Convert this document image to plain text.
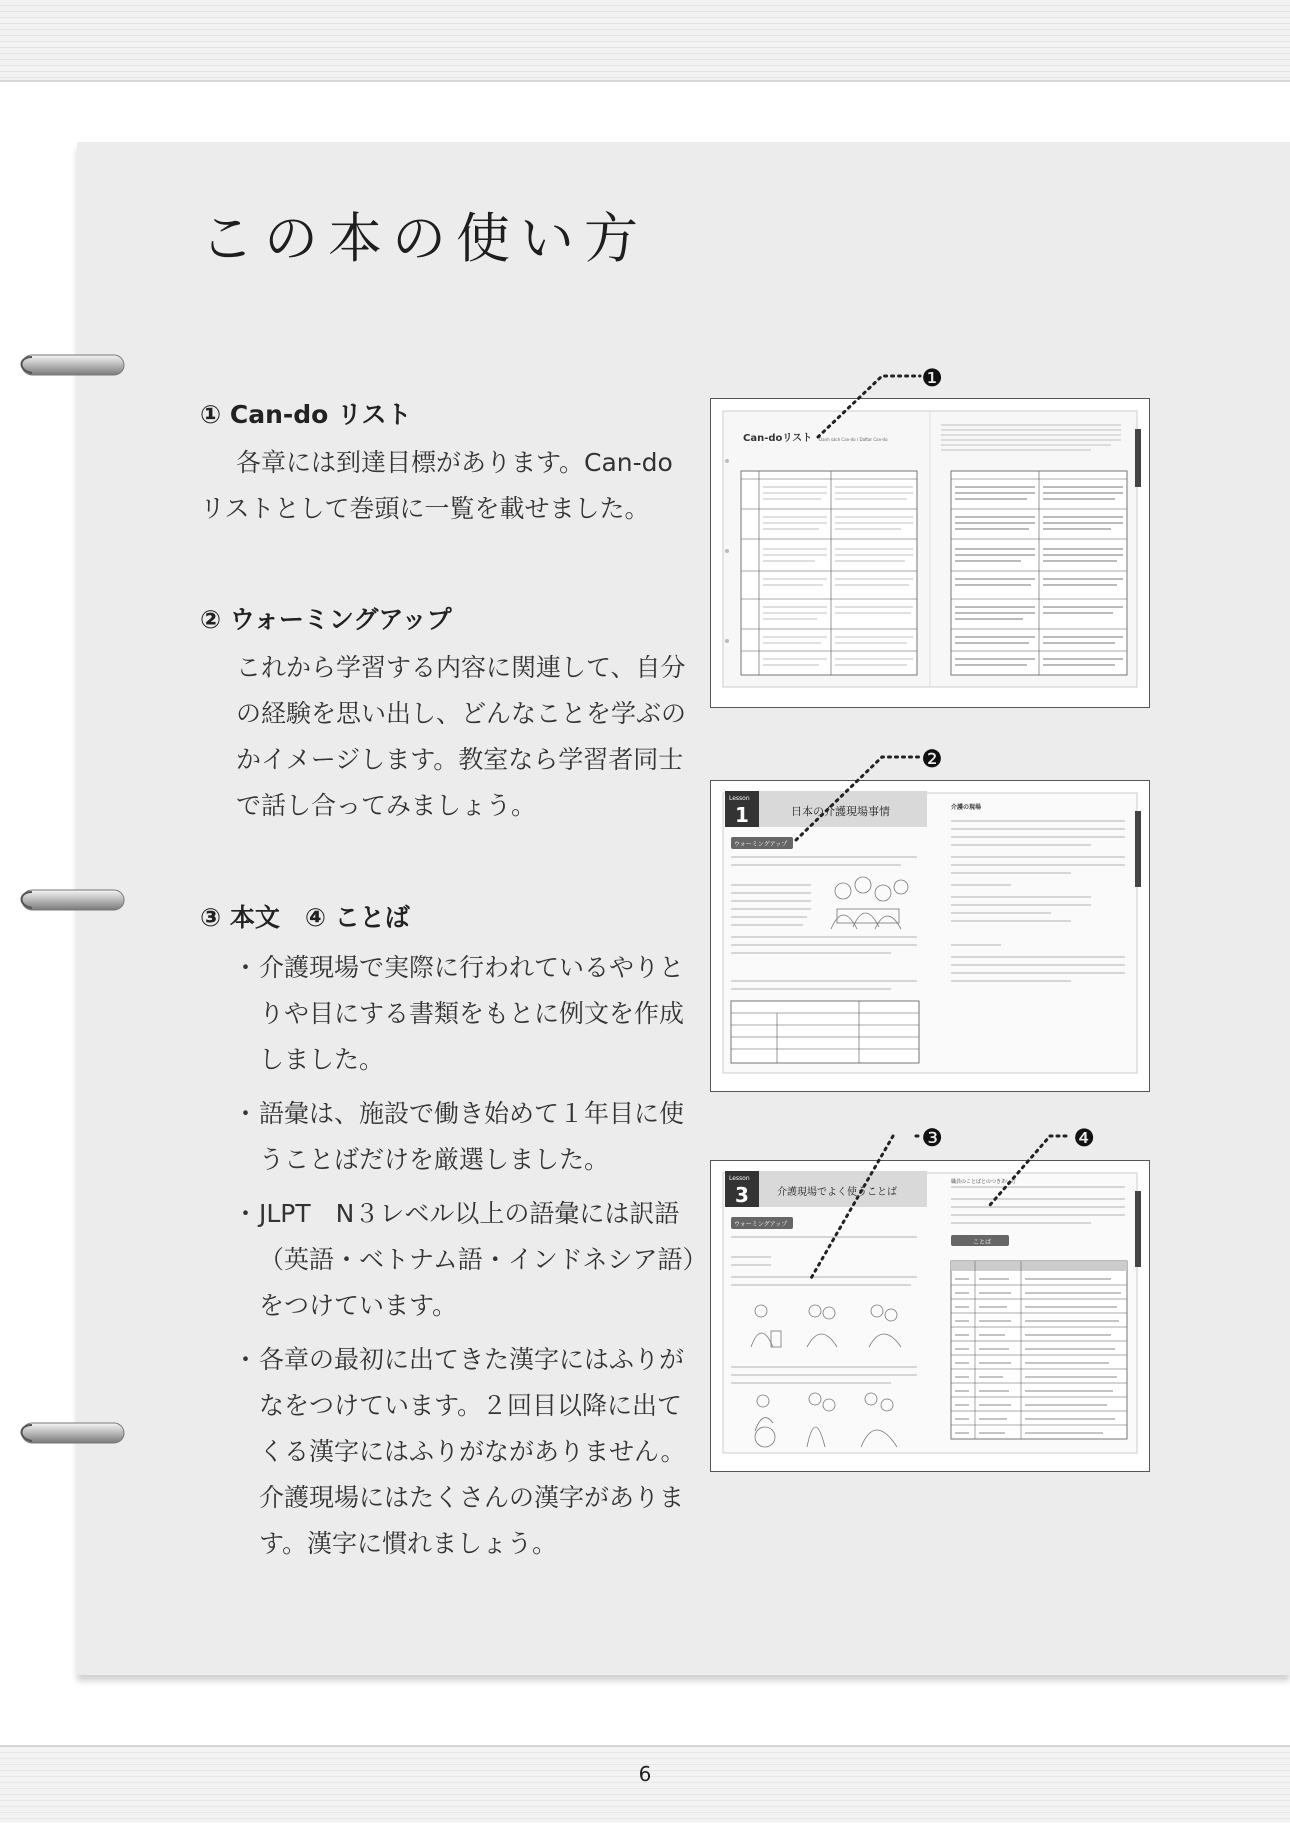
6
この本の使い方
① Can-do リスト
各章には到達目標があります。Can-do
リストとして巻頭に一覧を載せました。
② ウォーミングアップ
これから学習する内容に関連して、自分
の経験を思い出し、どんなことを学ぶの
かイメージします。教室なら学習者同士
で話し合ってみましょう。
③ 本文　④ ことば
・ 介護現場で実際に行われているやりと
りや目にする書類をもとに例文を作成
しました。
・ 語彙は、施設で働き始めて１年目に使
うことばだけを厳選しました。
・ JLPT　N３レベル以上の語彙には訳語
（英語・ベトナム語・インドネシア語）
をつけています。
・ 各章の最初に出てきた漢字にはふりが
なをつけています。２回目以降に出て
くる漢字にはふりがながありません。
介護現場にはたくさんの漢字がありま
す。漢字に慣れましょう。
Can-doリスト Danh sách Can-do / Daftar Can-do
Lesson
1	日本の介護現場事情
ウォーミングアップ
介護の現場
Lesson
3	介護現場でよく使うことば
ウォーミングアップ
職員のことばとのつきあい方
ことば
❶
❷
❸	❹
